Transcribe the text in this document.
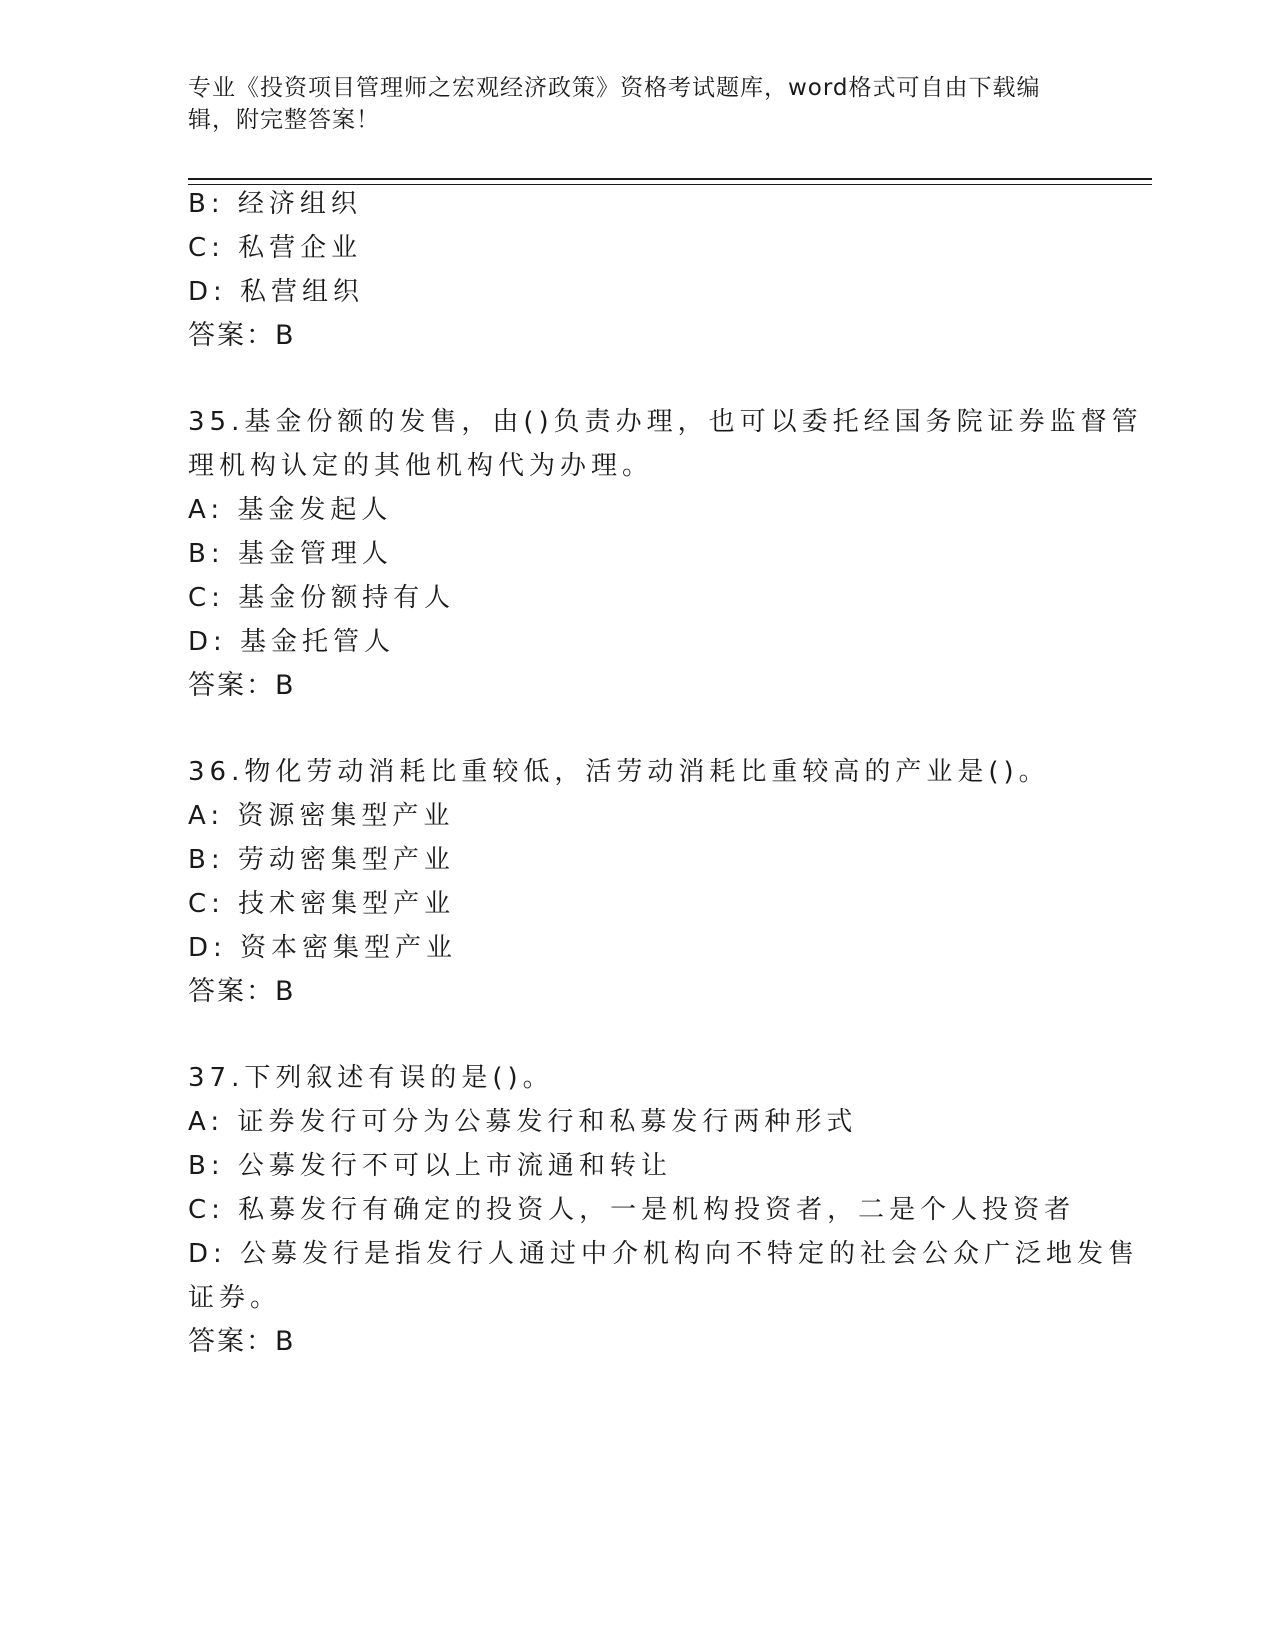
专业《投资项目管理师之宏观经济政策》资格考试题库，word格式可自由下载编
辑，附完整答案！
B: 经济组织
C: 私营企业
D: 私营组织
答案：B
35.基金份额的发售，由()负责办理，也可以委托经国务院证券监督管
理机构认定的其他机构代为办理。
A: 基金发起人
B: 基金管理人
C: 基金份额持有人
D: 基金托管人
答案：B
36.物化劳动消耗比重较低，活劳动消耗比重较高的产业是()。
A: 资源密集型产业
B: 劳动密集型产业
C: 技术密集型产业
D: 资本密集型产业
答案：B
37.下列叙述有误的是()。
A: 证券发行可分为公募发行和私募发行两种形式
B: 公募发行不可以上市流通和转让
C: 私募发行有确定的投资人，一是机构投资者，二是个人投资者
D: 公募发行是指发行人通过中介机构向不特定的社会公众广泛地发售
证券。
答案：B
